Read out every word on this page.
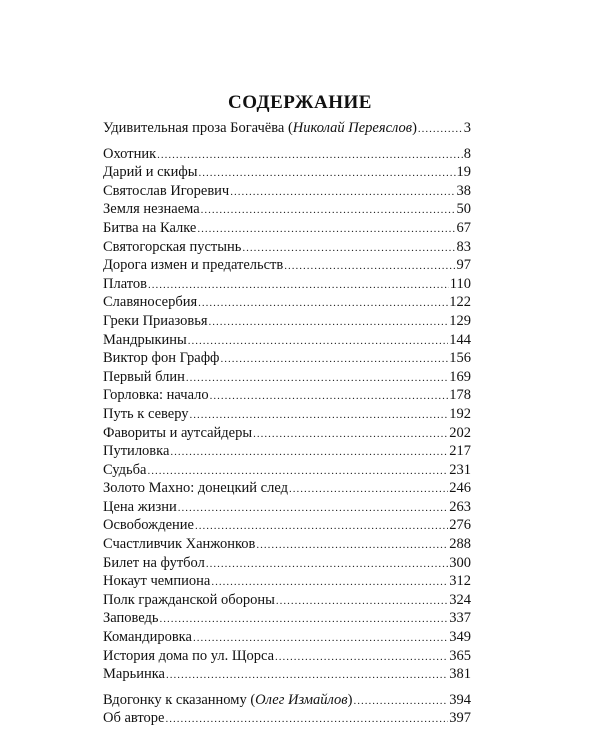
СОДЕРЖАНИЕ
Удивительная проза Богачёва (Николай Переяслов) .....	3
Охотник .....	8
Дарий и скифы .....	19
Святослав Игоревич .....	38
Земля незнаема .....	50
Битва на Калке .....	67
Святогорская пустынь .....	83
Дорога измен и предательств .....	97
Платов .....	110
Славяносербия .....	122
Греки Приазовья .....	129
Мандрыкины .....	144
Виктор фон Графф .....	156
Первый блин .....	169
Горловка: начало .....	178
Путь к северу .....	192
Фавориты и аутсайдеры .....	202
Путиловка .....	217
Судьба .....	231
Золото Махно: донецкий след .....	246
Цена жизни .....	263
Освобождение .....	276
Счастливчик Ханжонков .....	288
Билет на футбол .....	300
Нокаут чемпиона .....	312
Полк гражданской обороны .....	324
Заповедь .....	337
Командировка .....	349
История дома по ул. Щорса .....	365
Марьинка .....	381
Вдогонку к сказанному (Олег Измайлов) .....	394
Об авторе .....	397
